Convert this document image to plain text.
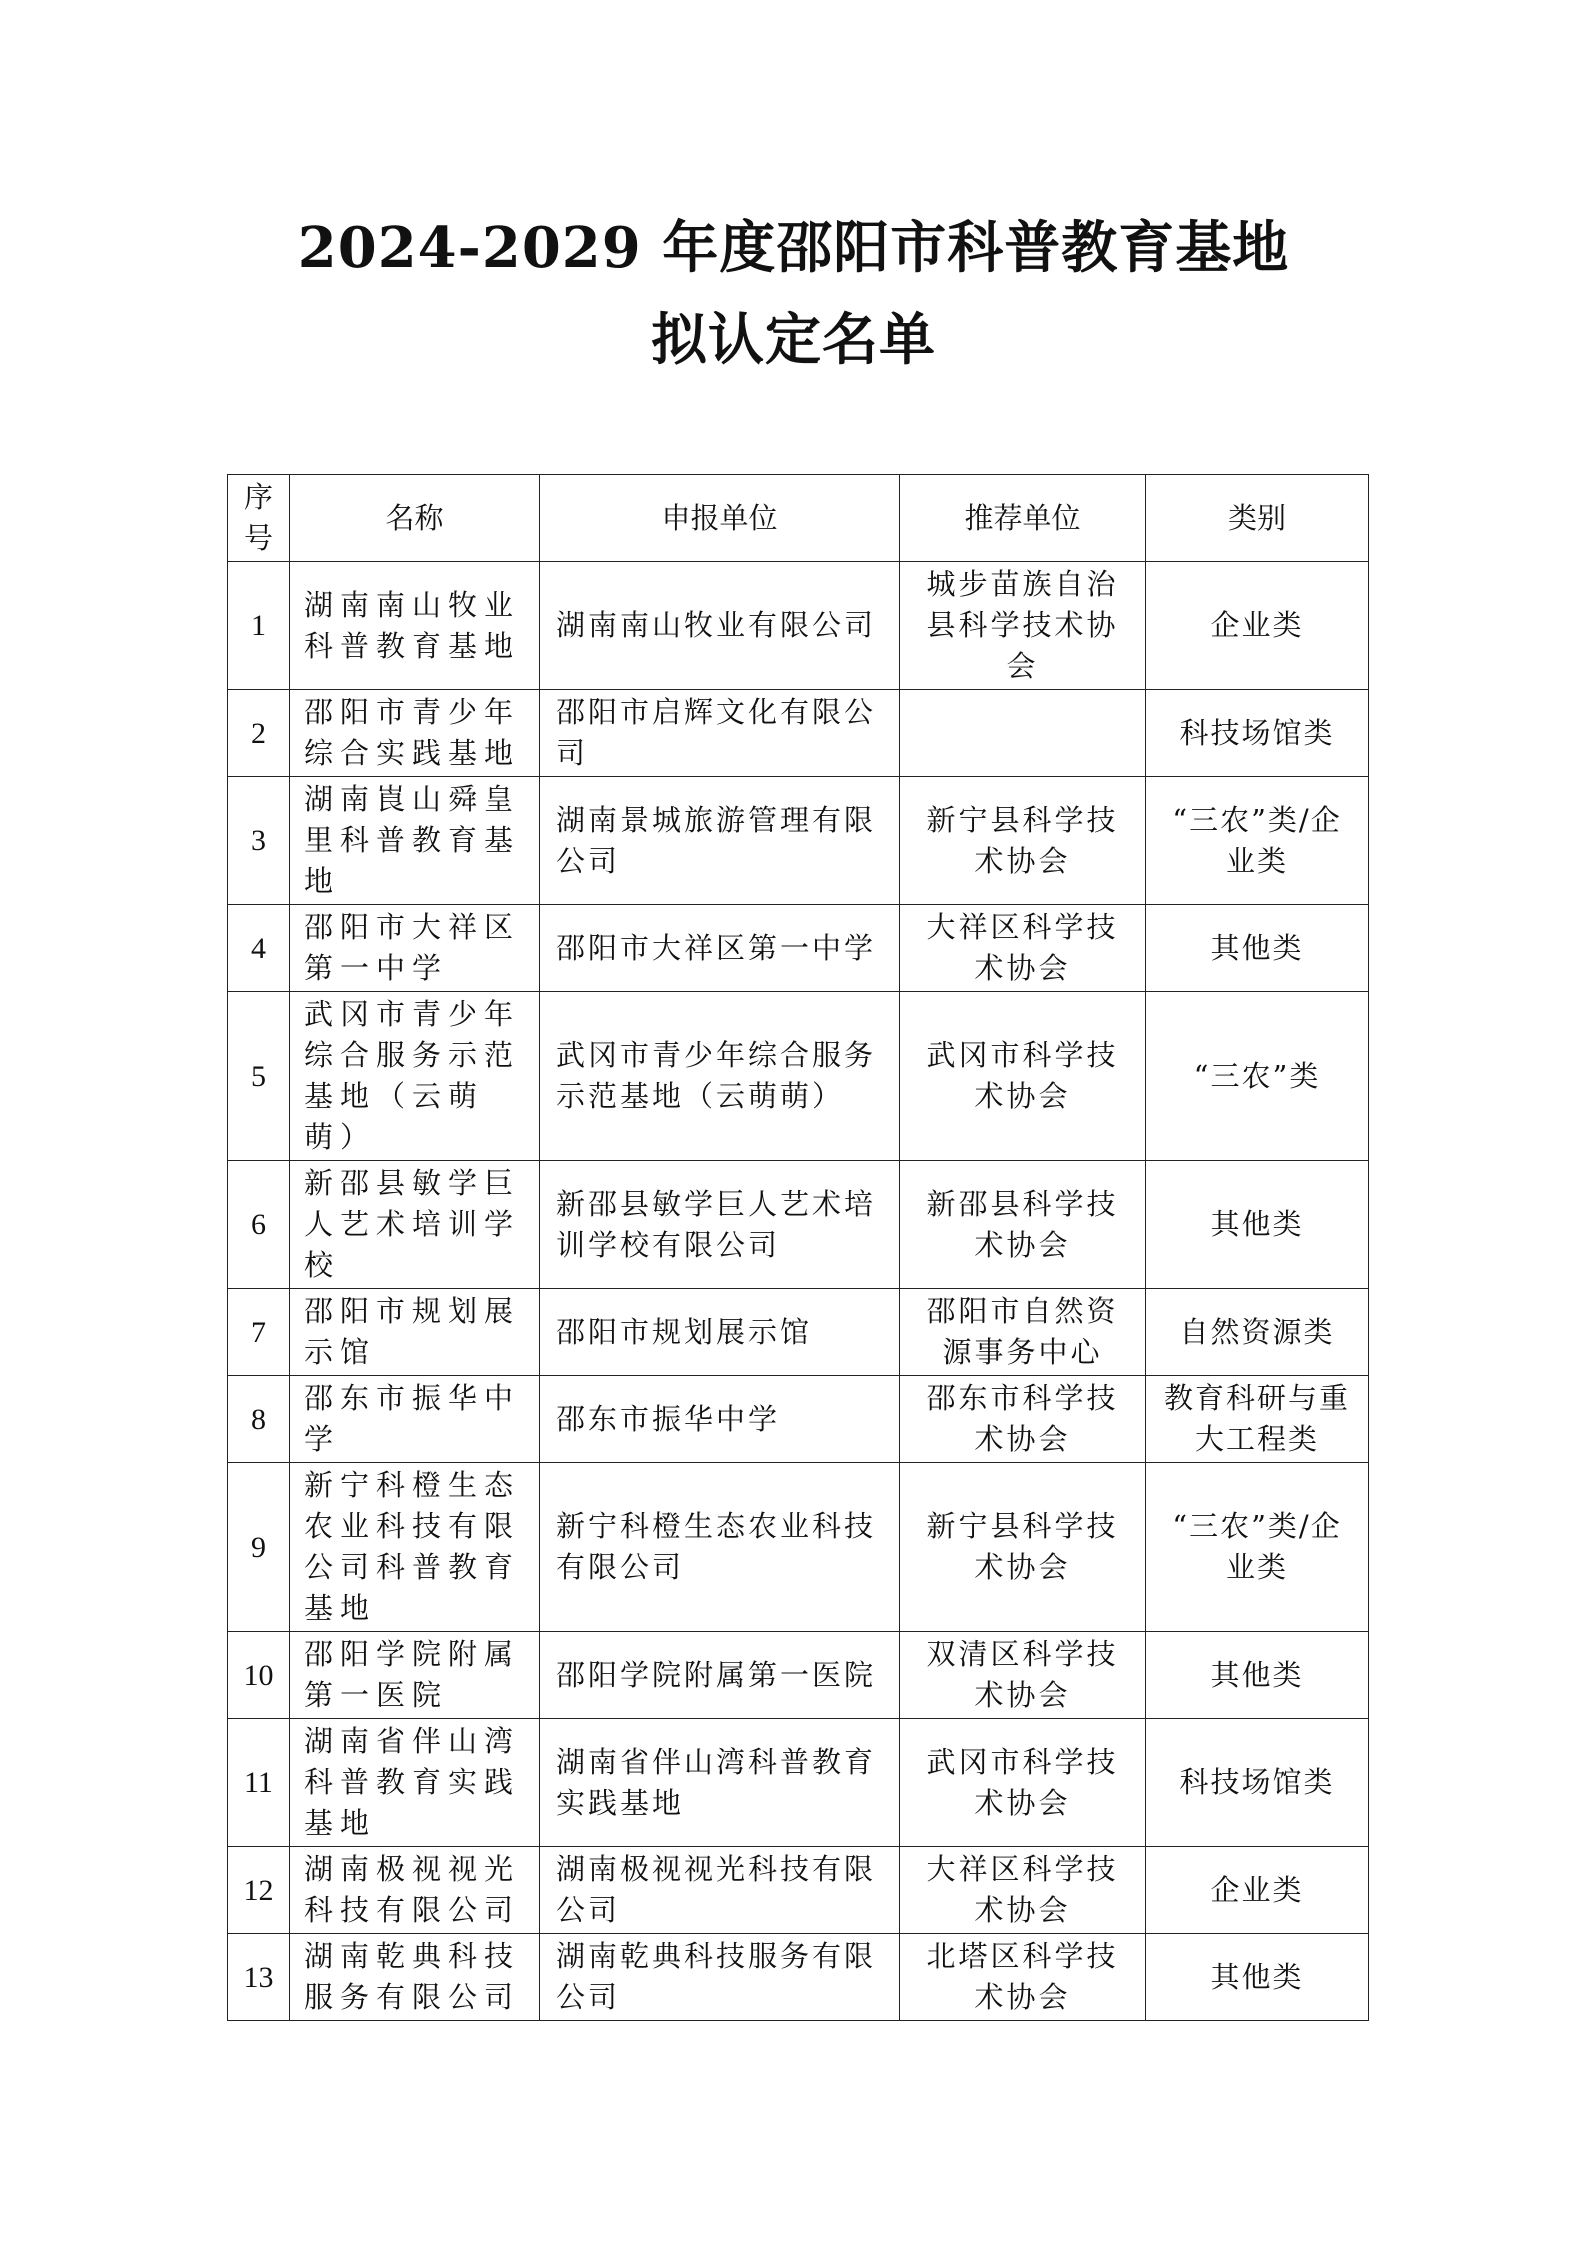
2024-2029 年度邵阳市科普教育基地
拟认定名单
序号	名称	申报单位	推荐单位	类别
1	湖南南山牧业科普教育基地	湖南南山牧业有限公司	城步苗族自治县科学技术协会	企业类
2	邵阳市青少年综合实践基地	邵阳市启辉文化有限公司		科技场馆类
3	湖南崀山舜皇里科普教育基地	湖南景城旅游管理有限公司	新宁县科学技术协会	“三农”类/企业类
4	邵阳市大祥区第一中学	邵阳市大祥区第一中学	大祥区科学技术协会	其他类
5	武冈市青少年综合服务示范基地（云萌萌）	武冈市青少年综合服务示范基地（云萌萌）	武冈市科学技术协会	“三农”类
6	新邵县敏学巨人艺术培训学校	新邵县敏学巨人艺术培训学校有限公司	新邵县科学技术协会	其他类
7	邵阳市规划展示馆	邵阳市规划展示馆	邵阳市自然资源事务中心	自然资源类
8	邵东市振华中学	邵东市振华中学	邵东市科学技术协会	教育科研与重大工程类
9	新宁科橙生态农业科技有限公司科普教育基地	新宁科橙生态农业科技有限公司	新宁县科学技术协会	“三农”类/企业类
10	邵阳学院附属第一医院	邵阳学院附属第一医院	双清区科学技术协会	其他类
11	湖南省伴山湾科普教育实践基地	湖南省伴山湾科普教育实践基地	武冈市科学技术协会	科技场馆类
12	湖南极视视光科技有限公司	湖南极视视光科技有限公司	大祥区科学技术协会	企业类
13	湖南乾典科技服务有限公司	湖南乾典科技服务有限公司	北塔区科学技术协会	其他类
